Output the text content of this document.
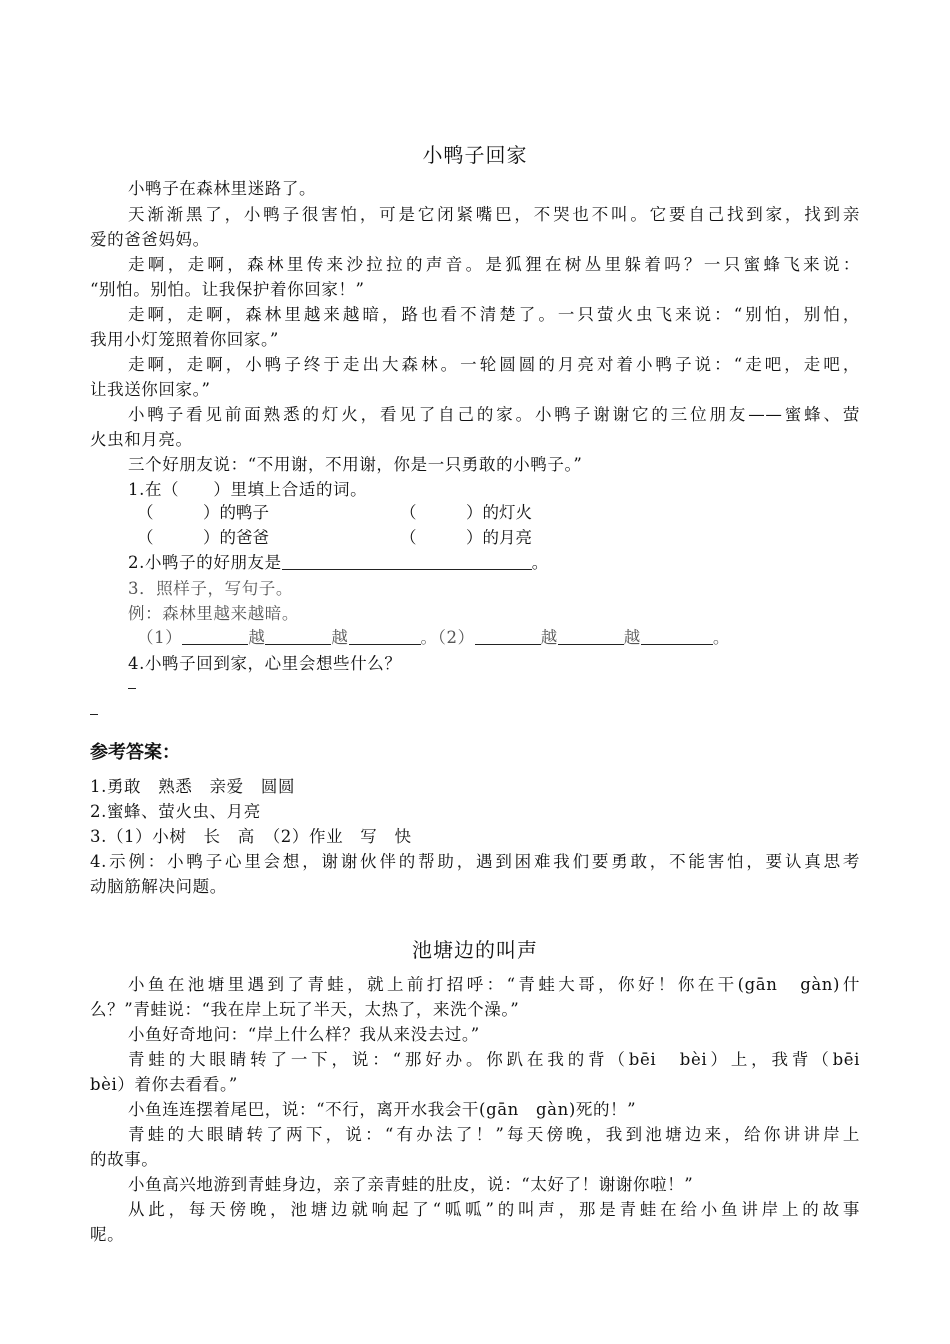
小鸭子回家
小鸭子在森林里迷路了。
天渐渐黑了，小鸭子很害怕，可是它闭紧嘴巴，不哭也不叫。它要自己找到家，找到亲
爱的爸爸妈妈。
走啊，走啊，森林里传来沙拉拉的声音。是狐狸在树丛里躲着吗？一只蜜蜂飞来说：
“别怕。别怕。让我保护着你回家！”
走啊，走啊，森林里越来越暗，路也看不清楚了。一只萤火虫飞来说：“别怕，别怕，
我用小灯笼照着你回家。”
走啊，走啊，小鸭子终于走出大森林。一轮圆圆的月亮对着小鸭子说：“走吧，走吧，
让我送你回家。”
小鸭子看见前面熟悉的灯火，看见了自己的家。小鸭子谢谢它的三位朋友——蜜蜂、萤
火虫和月亮。
三个好朋友说：“不用谢，不用谢，你是一只勇敢的小鸭子。”
1.在（　　）里填上合适的词。
（　　　）的鸭子	（　　　）的灯火
（　　　）的爸爸	（　　　）的月亮
2.小鸭子的好朋友是	。
3．照样子，写句子。
例：森林里越来越暗。
（1）	越	越	。（2）	越	越	。
4.小鸭子回到家，心里会想些什么？
参考答案：
1.勇敢　熟悉　亲爱　圆圆
2.蜜蜂、萤火虫、月亮
3.（1）小树　长　高　（2）作业　写　快
4.示例：小鸭子心里会想，谢谢伙伴的帮助，遇到困难我们要勇敢，不能害怕，要认真思考
动脑筋解决问题。
池塘边的叫声
小鱼在池塘里遇到了青蛙，就上前打招呼：“青蛙大哥，你好！你在干(gān　gàn)什
么？”青蛙说：“我在岸上玩了半天，太热了，来洗个澡。”
小鱼好奇地问：“岸上什么样？我从来没去过。”
青蛙的大眼睛转了一下，说：“那好办。你趴在我的背（bēi　bèi）上，我背（bēi
bèi）着你去看看。”
小鱼连连摆着尾巴，说：“不行，离开水我会干(gān　gàn)死的！”
青蛙的大眼睛转了两下，说：“有办法了！”每天傍晚，我到池塘边来，给你讲讲岸上
的故事。
小鱼高兴地游到青蛙身边，亲了亲青蛙的肚皮，说：“太好了！谢谢你啦！”
从此，每天傍晚，池塘边就响起了“呱呱”的叫声，那是青蛙在给小鱼讲岸上的故事
呢。
